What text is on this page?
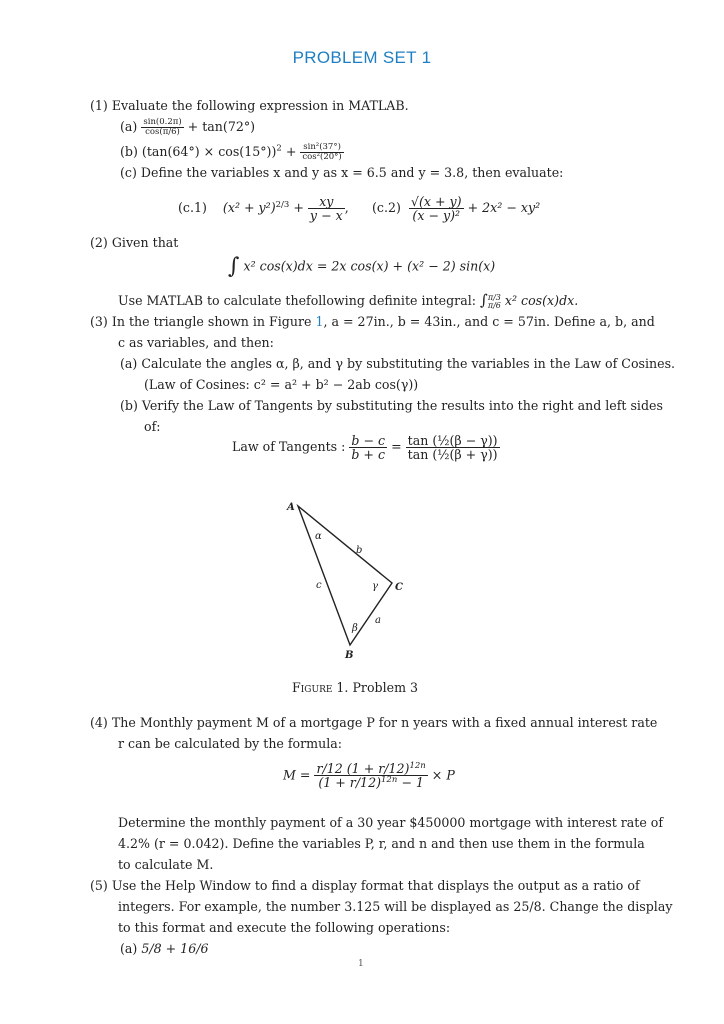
PROBLEM SET 1
(1) Evaluate the following expression in MATLAB.
$(a) \frac{\sin(0.2\pi)}{\cos(\pi/6)} + \tan(72^\circ)$
(b) $(\tan(64^\circ) \times \cos(15^\circ))^2 + \frac{\text{sin²(37°)}}{\text{cos²(20°)}}$
(c) Define the variables x and y as x = 6.5 and y = 3.8, then evaluate:
(c.1) $(x^2 + y^2)^{2/3} + \frac{xy}{y - x}$ , $(c.2) \frac{√(x + y)}{\text{(x − y)²}} + 2x^2 - xy^2$
(2) Given that
∫ x² cos(x)dx = 2x cos(x) + (x² − 2) sin(x)
Use MATLAB to calculate thefollowing definite integral: ∫ π/3
π/6 x² cos(x)dx.
(3) In the triangle shown in Figure 1, a = 27in., b = 43in., and c = 57in. Define a, b, and
c as variables, and then:
(a) Calculate the angles α, β, and γ by substituting the variables in the Law of Cosines.
(Law of Cosines: c² = a² + b² − 2ab cos(γ))
(b) Verify the Law of Tangents by substituting the results into the right and left sides
of:
Law of Tangents : $\frac{b - c}{b + c} = \frac{\text{tan (½(β − γ))}}{\text{tan (½(β + γ))}}$
A
C
B
b
c
a
α
γ
β
Figure 1. Problem 3
(4) The Monthly payment M of a mortgage P for n years with a fixed annual interest rate
r can be calculated by the formula:
$M = \frac{r/12 (1 + r/12)^{12n}}{(1 + r/12)^{12n} - 1} \times P$
Determine the monthly payment of a 30 year $450000 mortgage with interest rate of
4.2% (r = 0.042). Define the variables P, r, and n and then use them in the formula
to calculate M.
(5) Use the Help Window to find a display format that displays the output as a ratio of
integers. For example, the number 3.125 will be displayed as 25/8. Change the display
to this format and execute the following operations:
(a) 5/8 + 16/6
1
